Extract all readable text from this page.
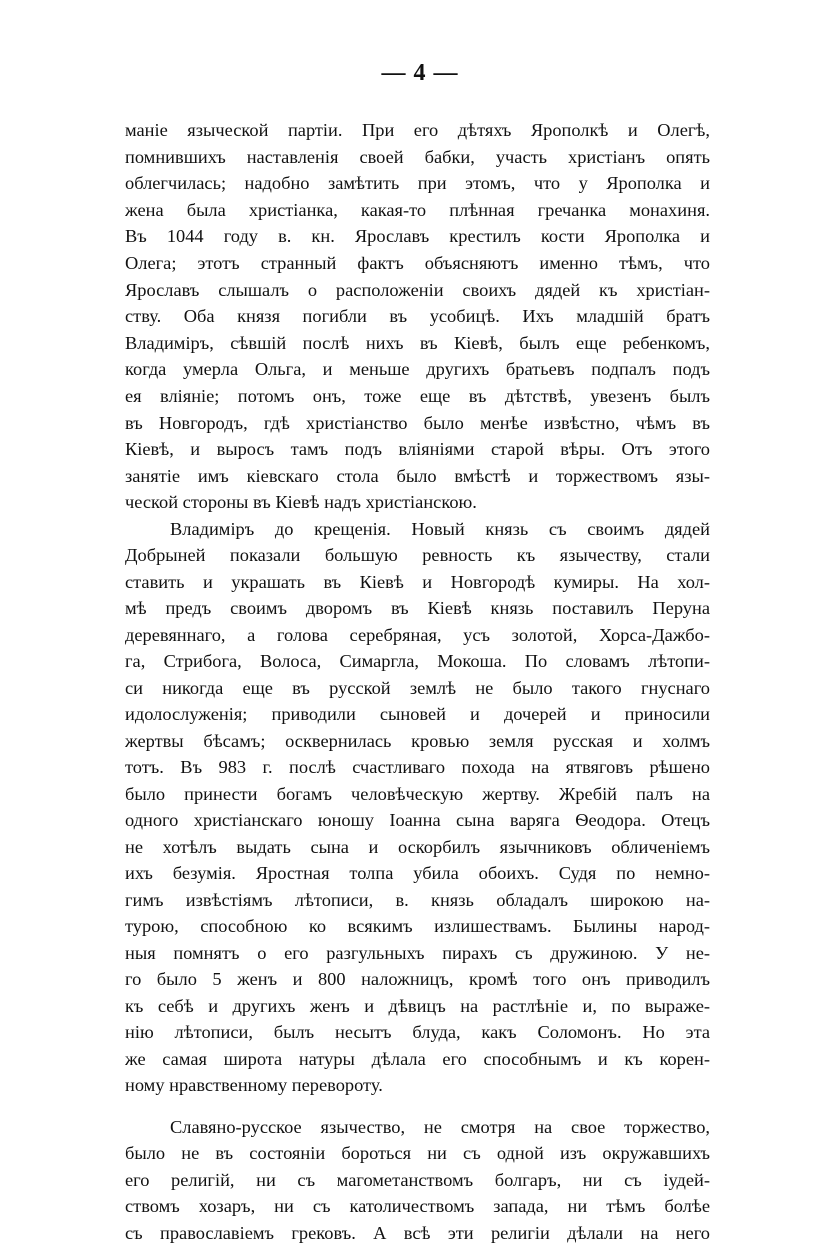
— 4 —
маніе языческой партіи. При его дѣтяхъ Ярополкѣ и Олегѣ,
помнившихъ наставленія своей бабки, участь христіанъ опять
облегчилась; надобно замѣтить при этомъ, что у Ярополка и
жена была христіанка, какая-то плѣнная гречанка монахиня.
Въ 1044 году в. кн. Ярославъ крестилъ кости Ярополка и
Олега; этотъ странный фактъ объясняютъ именно тѣмъ, что
Ярославъ слышалъ о расположеніи своихъ дядей къ христіан-
ству. Оба князя погибли въ усобицѣ. Ихъ младшій братъ
Владиміръ, сѣвшій послѣ нихъ въ Кіевѣ, былъ еще ребенкомъ,
когда умерла Ольга, и меньше другихъ братьевъ подпалъ подъ
ея вліяніе; потомъ онъ, тоже еще въ дѣтствѣ, увезенъ былъ
въ Новгородъ, гдѣ христіанство было менѣе извѣстно, чѣмъ въ
Кіевѣ, и выросъ тамъ подъ вліяніями старой вѣры. Отъ этого
занятіе имъ кіевскаго стола было вмѣстѣ и торжествомъ язы-
ческой стороны въ Кіевѣ надъ христіанскою.
Владиміръ до крещенія. Новый князь съ своимъ дядей
Добрыней показали большую ревность къ язычеству, стали
ставить и украшать въ Кіевѣ и Новгородѣ кумиры. На хол-
мѣ предъ своимъ дворомъ въ Кіевѣ князь поставилъ Перуна
деревяннаго, а голова серебряная, усъ золотой, Хорса-Дажбо-
га, Стрибога, Волоса, Симаргла, Мокоша. По словамъ лѣтопи-
си никогда еще въ русской землѣ не было такого гнуснаго
идолослуженія; приводили сыновей и дочерей и приносили
жертвы бѣсамъ; осквернилась кровью земля русская и холмъ
тотъ. Въ 983 г. послѣ счастливаго похода на ятвяговъ рѣшено
было принести богамъ человѣческую жертву. Жребій палъ на
одного христіанскаго юношу Іоанна сына варяга Ѳеодора. Отецъ
не хотѣлъ выдать сына и оскорбилъ язычниковъ обличеніемъ
ихъ безумія. Яростная толпа убила обоихъ. Судя по немно-
гимъ извѣстіямъ лѣтописи, в. князь обладалъ широкою на-
турою, способною ко всякимъ излишествамъ. Былины народ-
ныя помнятъ о его разгульныхъ пирахъ съ дружиною. У не-
го было 5 женъ и 800 наложницъ, кромѣ того онъ приводилъ
къ себѣ и другихъ женъ и дѣвицъ на растлѣніе и, по выраже-
нію лѣтописи, былъ несытъ блуда, какъ Соломонъ. Но эта
же самая широта натуры дѣлала его способнымъ и къ корен-
ному нравственному перевороту.
Славяно-русское язычество, не смотря на свое торжество,
было не въ состояніи бороться ни съ одной изъ окружавшихъ
его религій, ни съ магометанствомъ болгаръ, ни съ іудей-
ствомъ хозаръ, ни съ католичествомъ запада, ни тѣмъ болѣе
съ православіемъ грековъ. А всѣ эти религіи дѣлали на него
